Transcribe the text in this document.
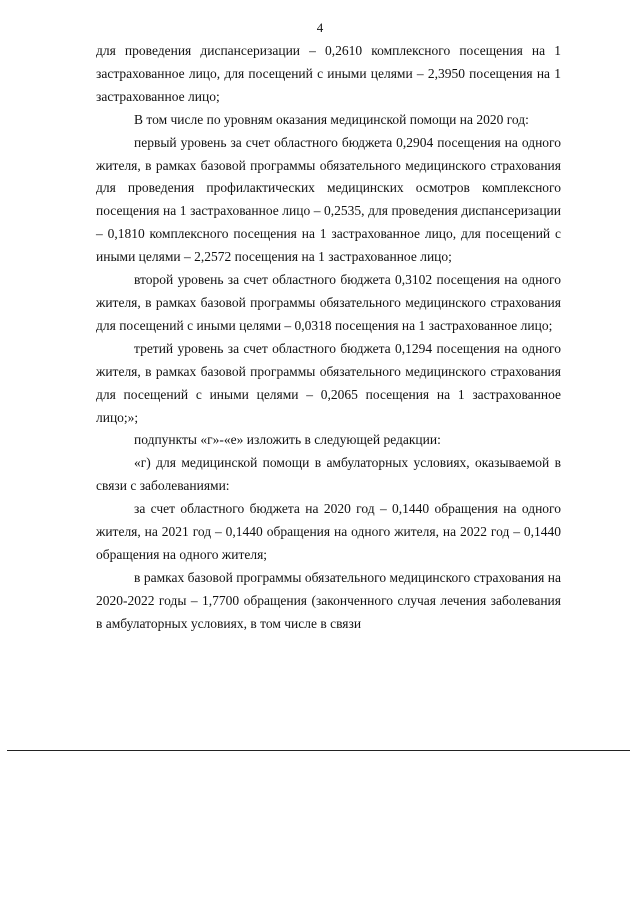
4

для проведения диспансеризации – 0,2610 комплексного посещения на 1 застрахованное лицо, для посещений с иными целями – 2,3950 посещения на 1 застрахованное лицо;

В том числе по уровням оказания медицинской помощи на 2020 год:

первый уровень за счет областного бюджета 0,2904 посещения на одного жителя, в рамках базовой программы обязательного медицинского страхования для проведения профилактических медицинских осмотров комплексного посещения на 1 застрахованное лицо – 0,2535, для проведения диспансеризации – 0,1810 комплексного посещения на 1 застрахованное лицо, для посещений с иными целями – 2,2572 посещения на 1 застрахованное лицо;

второй уровень за счет областного бюджета 0,3102 посещения на одного жителя, в рамках базовой программы обязательного медицинского страхования для посещений с иными целями – 0,0318 посещения на 1 застрахованное лицо;

третий уровень за счет областного бюджета 0,1294 посещения на одного жителя, в рамках базовой программы обязательного медицинского страхования для посещений с иными целями – 0,2065 посещения на 1 застрахованное лицо;»;

подпункты «г»-«е» изложить в следующей редакции:

«г) для медицинской помощи в амбулаторных условиях, оказываемой в связи с заболеваниями:

за счет областного бюджета на 2020 год – 0,1440 обращения на одного жителя, на 2021 год – 0,1440 обращения на одного жителя, на 2022 год – 0,1440 обращения на одного жителя;

в рамках базовой программы обязательного медицинского страхования на 2020-2022 годы – 1,7700 обращения (законченного случая лечения заболевания в амбулаторных условиях, в том числе в связи
